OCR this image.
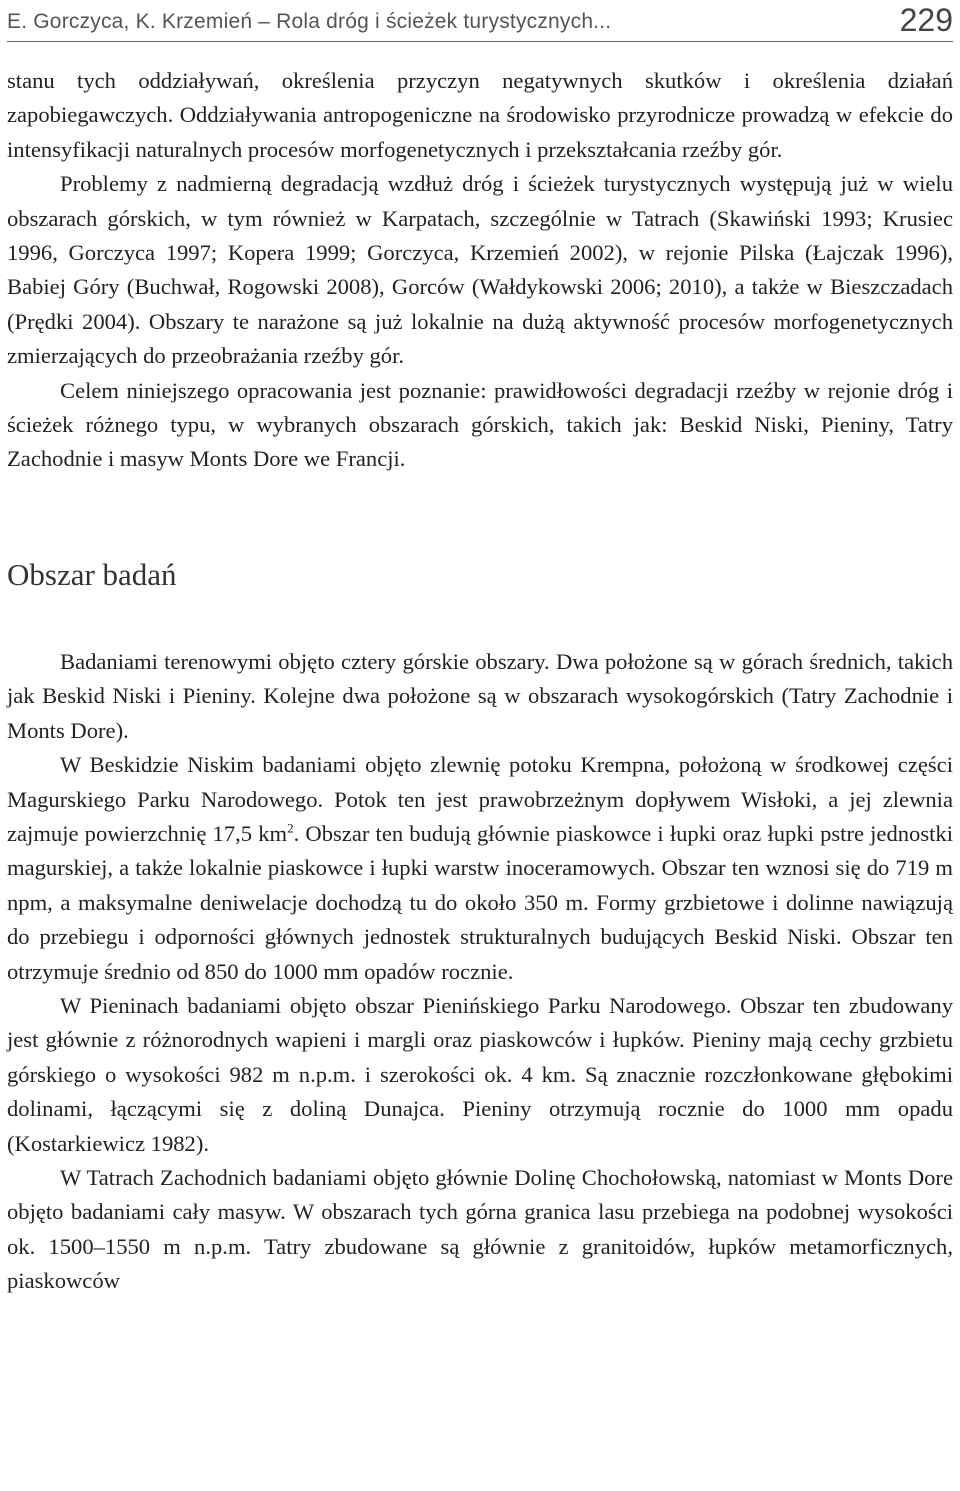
E. Gorczyca, K. Krzemień – Rola dróg i ścieżek turystycznych...	229

stanu tych oddziaływań, określenia przyczyn negatywnych skutków i określenia działań zapobiegawczych. Oddziaływania antropogeniczne na środowisko przyrodnicze prowadzą w efekcie do intensyfikacji naturalnych procesów morfogenetycznych i przekształcania rzeźby gór.

Problemy z nadmierną degradacją wzdłuż dróg i ścieżek turystycznych występują już w wielu obszarach górskich, w tym również w Karpatach, szczególnie w Tatrach (Skawiński 1993; Krusiec 1996, Gorczyca 1997; Kopera 1999; Gorczyca, Krzemień 2002), w rejonie Pilska (Łajczak 1996), Babiej Góry (Buchwał, Rogowski 2008), Gorców (Wałdykowski 2006; 2010), a także w Bieszczadach (Prędki 2004). Obszary te narażone są już lokalnie na dużą aktywność procesów morfogenetycznych zmierzających do przeobrażania rzeźby gór.

Celem niniejszego opracowania jest poznanie: prawidłowości degradacji rzeźby w rejonie dróg i ścieżek różnego typu, w wybranych obszarach górskich, takich jak: Beskid Niski, Pieniny, Tatry Zachodnie i masyw Monts Dore we Francji.

Obszar badań

Badaniami terenowymi objęto cztery górskie obszary. Dwa położone są w górach średnich, takich jak Beskid Niski i Pieniny. Kolejne dwa położone są w obszarach wysokogórskich (Tatry Zachodnie i Monts Dore).

W Beskidzie Niskim badaniami objęto zlewnię potoku Krempna, położoną w środkowej części Magurskiego Parku Narodowego. Potok ten jest prawobrzeżnym dopływem Wisłoki, a jej zlewnia zajmuje powierzchnię 17,5 $km^2$. Obszar ten budują głównie piaskowce i łupki oraz łupki pstre jednostki magurskiej, a także lokalnie piaskowce i łupki warstw inoceramowych. Obszar ten wznosi się do 719 m npm, a maksymalne deniwelacje dochodzą tu do około 350 m. Formy grzbietowe i dolinne nawiązują do przebiegu i odporności głównych jednostek strukturalnych budujących Beskid Niski. Obszar ten otrzymuje średnio od 850 do 1000 mm opadów rocznie.

W Pieninach badaniami objęto obszar Pienińskiego Parku Narodowego. Obszar ten zbudowany jest głównie z różnorodnych wapieni i margli oraz piaskowców i łupków. Pieniny mają cechy grzbietu górskiego o wysokości 982 m n.p.m. i szerokości ok. 4 km. Są znacznie rozczłonkowane głębokimi dolinami, łączącymi się z doliną Dunajca. Pieniny otrzymują rocznie do 1000 mm opadu (Kostarkiewicz 1982).

W Tatrach Zachodnich badaniami objęto głównie Dolinę Chochołowską, natomiast w Monts Dore objęto badaniami cały masyw. W obszarach tych górna granica lasu przebiega na podobnej wysokości ok. 1500–1550 m n.p.m. Tatry zbudowane są głównie z granitoidów, łupków metamorficznych, piaskowców
